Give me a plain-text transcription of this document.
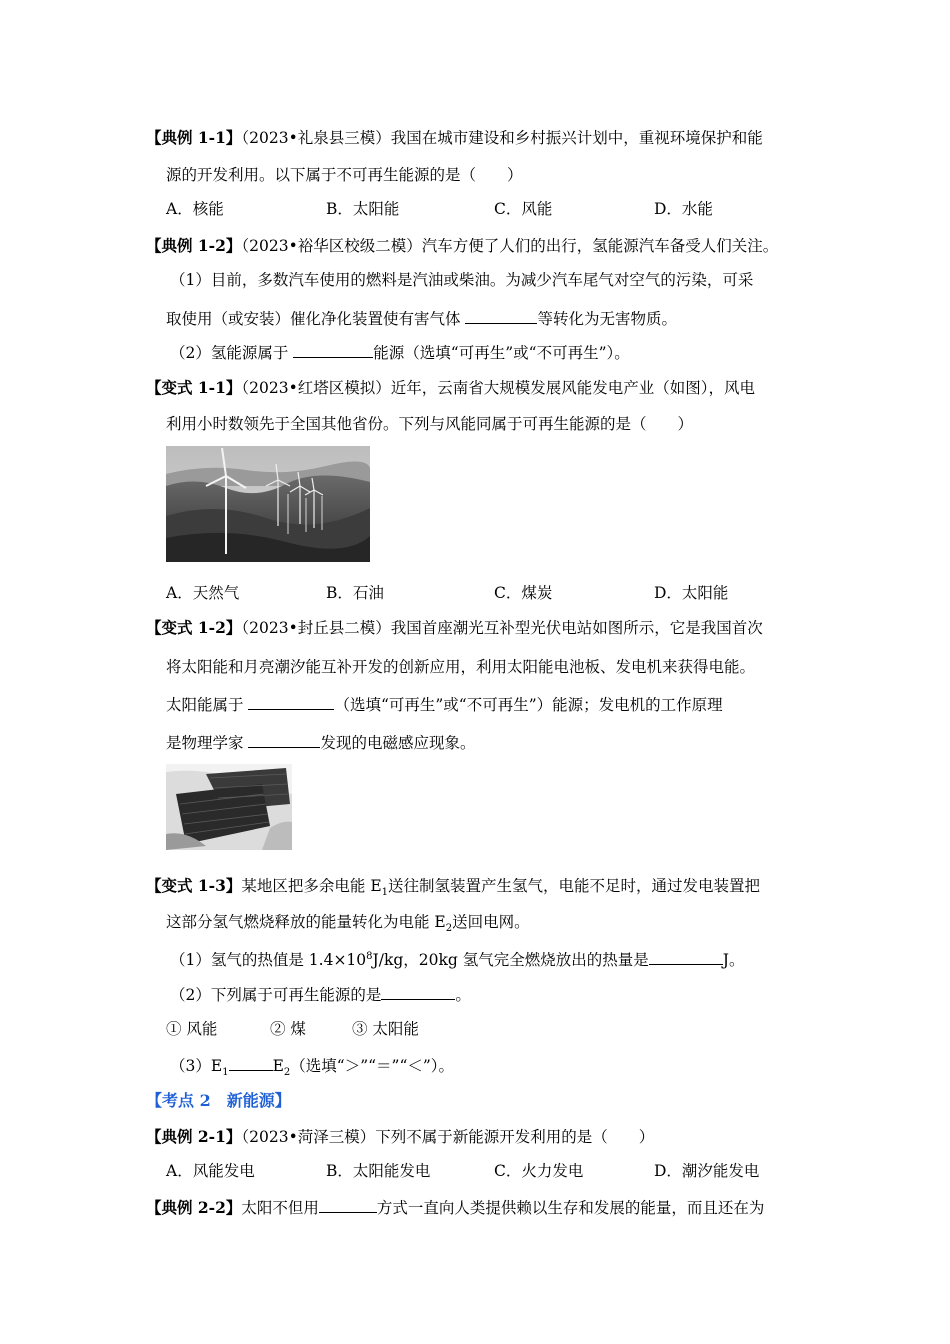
【典例 1-1】（2023•礼泉县三模）我国在城市建设和乡村振兴计划中，重视环境保护和能
源的开发利用。以下属于不可再生能源的是（　　）
A．核能	B．太阳能	C．风能	D．水能
【典例 1-2】（2023•裕华区校级二模）汽车方便了人们的出行，氢能源汽车备受人们关注。
（1）目前，多数汽车使用的燃料是汽油或柴油。为减少汽车尾气对空气的污染，可采
取使用（或安装）催化净化装置使有害气体	等转化为无害物质。
（2）氢能源属于	能源（选填“可再生”或“不可再生”）。
【变式 1-1】（2023•红塔区模拟）近年，云南省大规模发展风能发电产业（如图），风电
利用小时数领先于全国其他省份。下列与风能同属于可再生能源的是（　　）
A．天然气	B．石油	C．煤炭	D．太阳能
【变式 1-2】（2023•封丘县二模）我国首座潮光互补型光伏电站如图所示，它是我国首次
将太阳能和月亮潮汐能互补开发的创新应用，利用太阳能电池板、发电机来获得电能。
太阳能属于	（选填“可再生”或“不可再生”）能源；发电机的工作原理
是物理学家	发现的电磁感应现象。
【变式 1-3】某地区把多余电能 $E_1$送往制氢装置产生氢气，电能不足时，通过发电装置把
这部分氢气燃烧释放的能量转化为电能 $E_2$送回电网。
（1）氢气的热值是 $1.4\times 10^8J/kg$，20kg 氢气完全燃烧放出的热量是	J。
（2）下列属于可再生能源的是	。
① 风能	② 煤	③ 太阳能
$(3)E_1$	$E_2$（选填“＞”“＝”“＜”）。
【考点 2　新能源】
【典例 2-1】（2023•菏泽三模）下列不属于新能源开发利用的是（　　）
A．风能发电	B．太阳能发电	C．火力发电	D．潮汐能发电
【典例 2-2】太阳不但用	方式一直向人类提供赖以生存和发展的能量，而且还在为
